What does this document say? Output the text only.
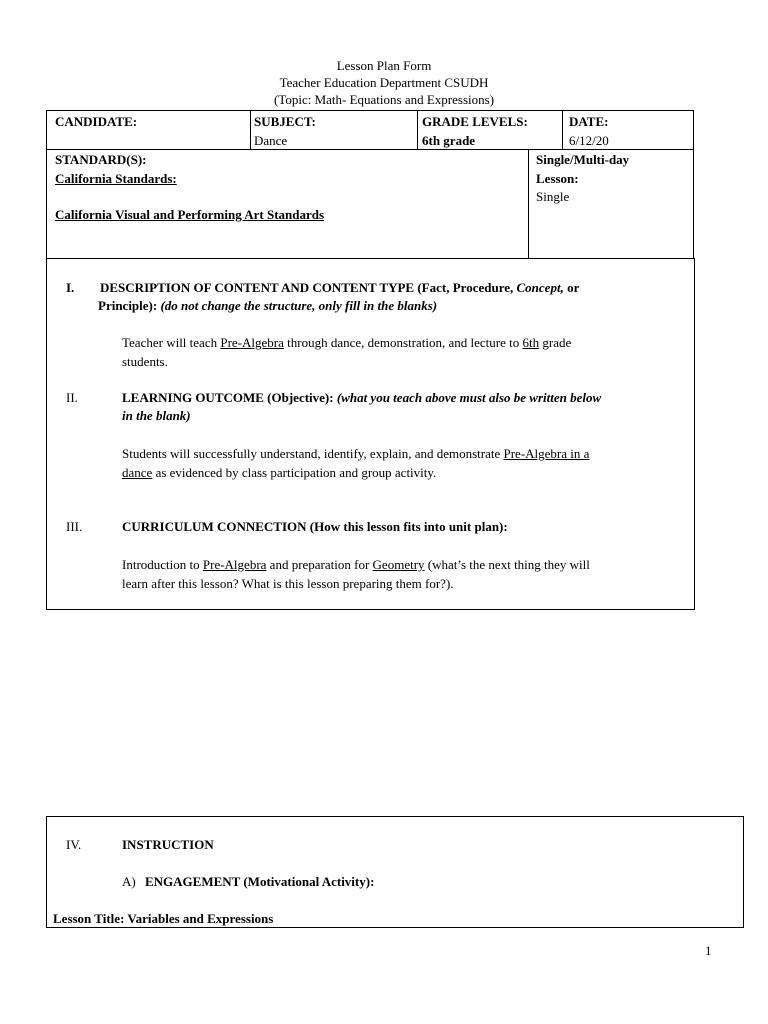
Lesson Plan Form
Teacher Education Department CSUDH
(Topic: Math- Equations and Expressions)
CANDIDATE:	SUBJECT:
Dance
GRADE LEVELS:
6th grade
DATE:
6/12/20
STANDARD(S):
California Standards:
California Visual and Performing Art Standards
Single/Multi-day
Lesson:
Single
I. DESCRIPTION OF CONTENT AND CONTENT TYPE (Fact, Procedure, Concept, or
Principle): (do not change the structure, only fill in the blanks)
Teacher will teach Pre-Algebra through dance, demonstration, and lecture to 6th grade
students.
II.	LEARNING OUTCOME (Objective): (what you teach above must also be written below
in the blank)
Students will successfully understand, identify, explain, and demonstrate Pre-Algebra in a
dance as evidenced by class participation and group activity.
III.	CURRICULUM CONNECTION (How this lesson fits into unit plan):
Introduction to Pre-Algebra and preparation for Geometry (what’s the next thing they will
learn after this lesson? What is this lesson preparing them for?).
IV.	INSTRUCTION
A) ENGAGEMENT (Motivational Activity):
Lesson Title: Variables and Expressions
1
